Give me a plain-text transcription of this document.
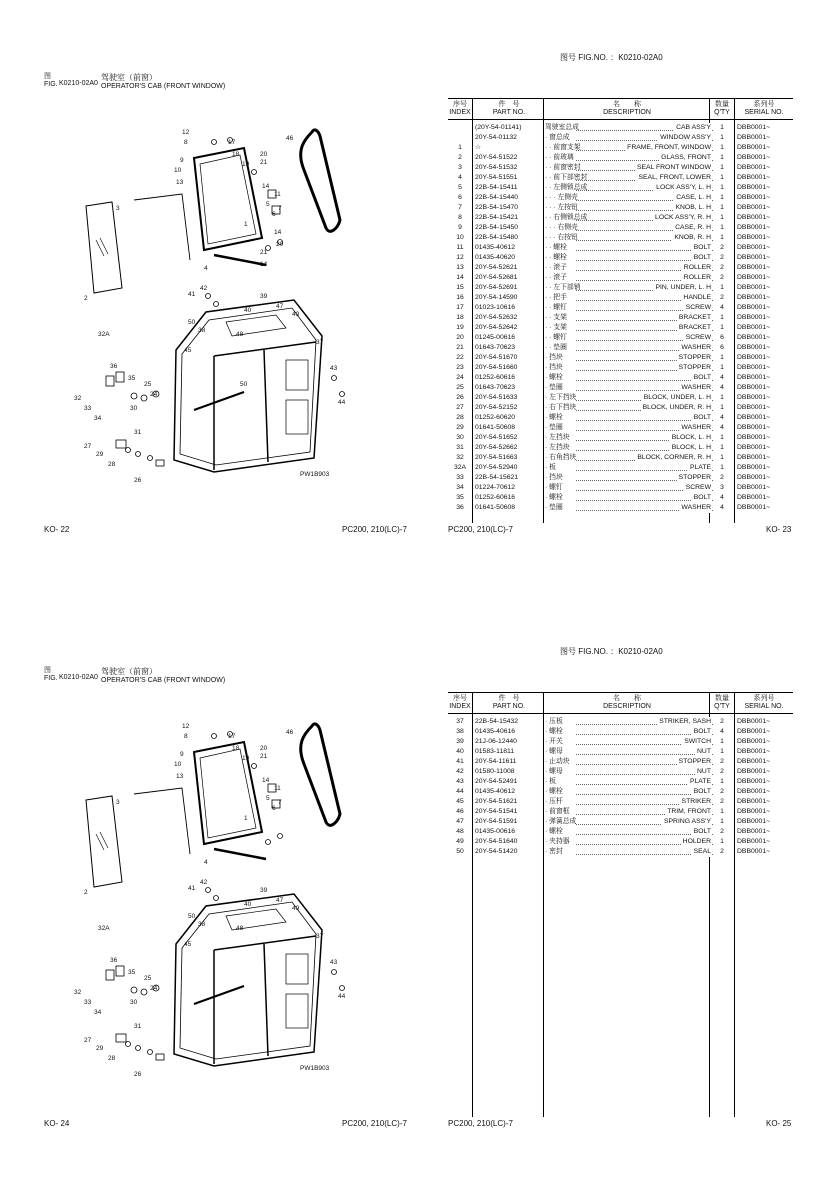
图号 FIG.NO. ：K0210-02A0
图
FIG. K0210-02A0
驾驶室（前窗）
OPERATOR'S CAB (FRONT WINDOW)
12
8
9
10
13
17
18
19
20
21
14
11
5
6
7
1
14
20
21
14
46
3
4
2
42
41
50
39
47
49
40
48
38
45
37
43
44
50
32A
36
35
25
24
32
33
34
30
31
27
29
28
26
PW1B903
KO- 22	PC200, 210(LC)-7	PC200, 210(LC)-7	KO- 23
序号
INDEX
件　号
PART NO.
名　　称
DESCRIPTION
数量
Q'TY
系列号
SERIAL NO.
(20Y-54-01141)	驾驶室总成	CAB ASS'Y	1	DBB0001~
20Y-54-01132	· 窗总成	WINDOW ASS'Y	1	DBB0001~
1	☆	· · 前窗支架	FRAME, FRONT, WINDOW	1	DBB0001~
2	20Y-54-51522	· · 前玻璃	GLASS, FRONT	1	DBB0001~
3	20Y-54-51532	· · 前窗密封	SEAL FRONT WINDOW	1	DBB0001~
4	20Y-54-51551	· · 前下部密封	SEAL, FRONT, LOWER	1	DBB0001~
5	22B-54-15411	· · 左侧锁总成	LOCK ASS'Y, L. H	1	DBB0001~
6	22B-54-15440	· · · 左侧壳	CASE, L. H	1	DBB0001~
7	22B-54-15470	· · · 左按钮	KNOB, L. H	1	DBB0001~
8	22B-54-15421	· · 右侧锁总成	LOCK ASS'Y, R. H	1	DBB0001~
9	22B-54-15450	· · · 右侧壳	CASE, R. H	1	DBB0001~
10	22B-54-15480	· · · 右按钮	KNOB, R. H	1	DBB0001~
11	01435-40612	· · 螺栓	BOLT	2	DBB0001~
12	01435-40620	· · 螺栓	BOLT	2	DBB0001~
13	20Y-54-52621	· · 滚子	ROLLER	2	DBB0001~
14	20Y-54-52681	· · 滚子	ROLLER	2	DBB0001~
15	20Y-54-52691	· · 左下部销	PIN, UNDER, L. H	1	DBB0001~
16	20Y-54-14590	· · 把手	HANDLE	2	DBB0001~
17	01023-10616	· · 螺钉	SCREW	4	DBB0001~
18	20Y-54-52632	· · 支架	BRACKET	1	DBB0001~
19	20Y-54-52642	· · 支架	BRACKET	1	DBB0001~
20	01245-00616	· · 螺钉	SCREW	6	DBB0001~
21	01643-70623	· · 垫圈	WASHER	6	DBB0001~
22	20Y-54-51670	· 挡块	STOPPER	1	DBB0001~
23	20Y-54-51660	· 挡块	STOPPER	1	DBB0001~
24	01252-60616	· 螺栓	BOLT	4	DBB0001~
25	01643-70623	· 垫圈	WASHER	4	DBB0001~
26	20Y-54-51633	· 左下挡块	BLOCK, UNDER, L. H	1	DBB0001~
27	20Y-54-52152	· 右下挡块	BLOCK, UNDER, R. H	1	DBB0001~
28	01252-60620	· 螺栓	BOLT	4	DBB0001~
29	01641-50608	· 垫圈	WASHER	4	DBB0001~
30	20Y-54-51652	· 左挡块	BLOCK, L. H	1	DBB0001~
31	20Y-54-52662	· 左挡块	BLOCK, L. H	1	DBB0001~
32	20Y-54-51663	· 右角挡块	BLOCK, CORNER, R. H	1	DBB0001~
32A	20Y-54-52940	· 板	PLATE	1	DBB0001~
33	22B-54-15621	· 挡块	STOPPER	2	DBB0001~
34	01224-70612	· 螺钉	SCREW	3	DBB0001~
35	01252-60616	· 螺栓	BOLT	4	DBB0001~
36	01641-50608	· 垫圈	WASHER	4	DBB0001~
图号 FIG.NO. ：K0210-02A0
图
FIG. K0210-02A0
驾驶室（前窗）
OPERATOR'S CAB (FRONT WINDOW)
12
8
9
10
13
17
18
19
20
21
14
11
5
6
7
1
46
3
4
2
42
41
50
39
47
49
40
48
38
45
37
43
44
32A
36
35
25
24
32
33
34
30
31
27
29
28
26
PW1B903
KO- 24	PC200, 210(LC)-7	PC200, 210(LC)-7	KO- 25
序号
INDEX
件　号
PART NO.
名　　称
DESCRIPTION
数量
Q'TY
系列号
SERIAL NO.
37	22B-54-15432	· 压板	STRIKER, SASH	2	DBB0001~
38	01435-40616	· 螺栓	BOLT	4	DBB0001~
39	21J-06-12440	· 开关	SWITCH	1	DBB0001~
40	01583-11811	· 螺母	NUT	1	DBB0001~
41	20Y-54-11611	· 止动块	STOPPER	2	DBB0001~
42	01580-11008	· 螺母	NUT	2	DBB0001~
43	20Y-54-52491	· 板	PLATE	1	DBB0001~
44	01435-40612	· 螺栓	BOLT	2	DBB0001~
45	20Y-54-51621	· 压杆	STRIKER	2	DBB0001~
46	20Y-54-51541	· 前窗框	TRIM, FRONT	1	DBB0001~
47	20Y-54-51591	· 弹簧总成	SPRING ASS'Y	1	DBB0001~
48	01435-00616	· 螺栓	BOLT	2	DBB0001~
49	20Y-54-51640	· 夹持器	HOLDER	1	DBB0001~
50	20Y-54-51420	· 密封	SEAL	2	DBB0001~
